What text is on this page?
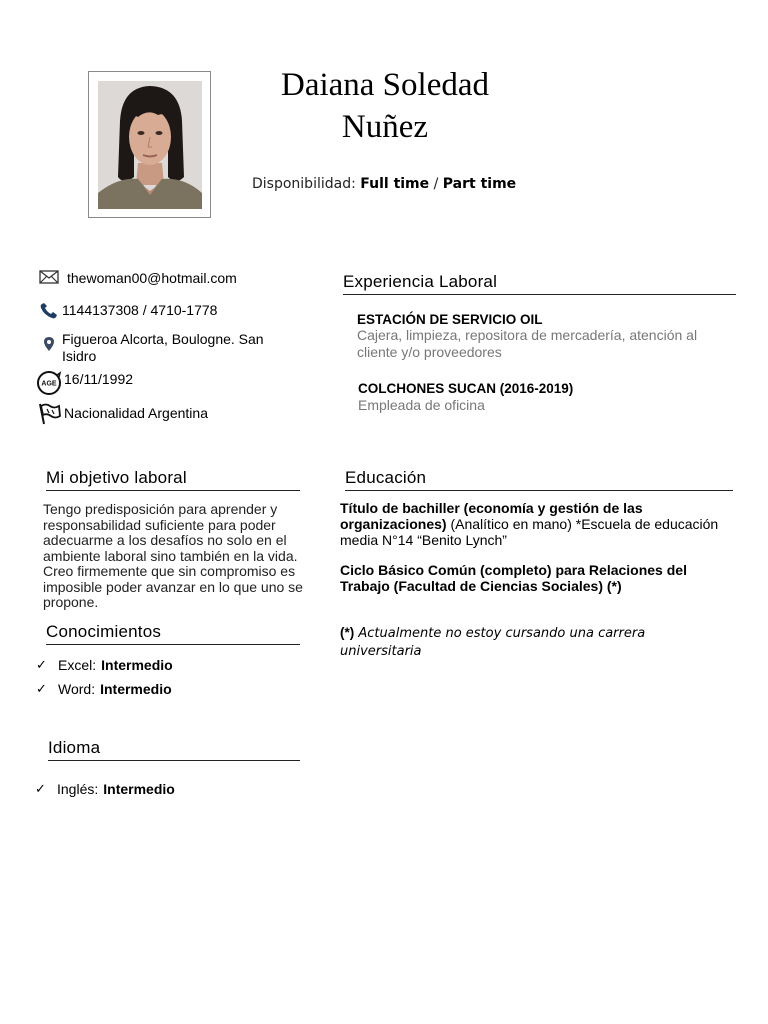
Daiana Soledad
Nuñez
Disponibilidad: Full time / Part time
thewoman00@hotmail.com
1144137308 / 4710-1778
Figueroa Alcorta, Boulogne. San Isidro
AGE 16/11/1992
Nacionalidad Argentina
Experiencia Laboral
ESTACIÓN DE SERVICIO OIL
Cajera, limpieza, repositora de mercadería, atención al cliente y/o proveedores
COLCHONES SUCAN (2016-2019)
Empleada de oficina
Mi objetivo laboral
Tengo predisposición para aprender y responsabilidad suficiente para poder adecuarme a los desafíos no solo en el ambiente laboral sino también en la vida. Creo firmemente que sin compromiso es imposible poder avanzar en lo que uno se propone.
Educación
Título de bachiller (economía y gestión de las organizaciones) (Analítico en mano) *Escuela de educación media N°14 “Benito Lynch”
Ciclo Básico Común (completo) para Relaciones del Trabajo (Facultad de Ciencias Sociales) (*)
(*) Actualmente no estoy cursando una carrera universitaria
Conocimientos
✓ Excel: Intermedio
✓ Word: Intermedio
Idioma
✓ Inglés: Intermedio
